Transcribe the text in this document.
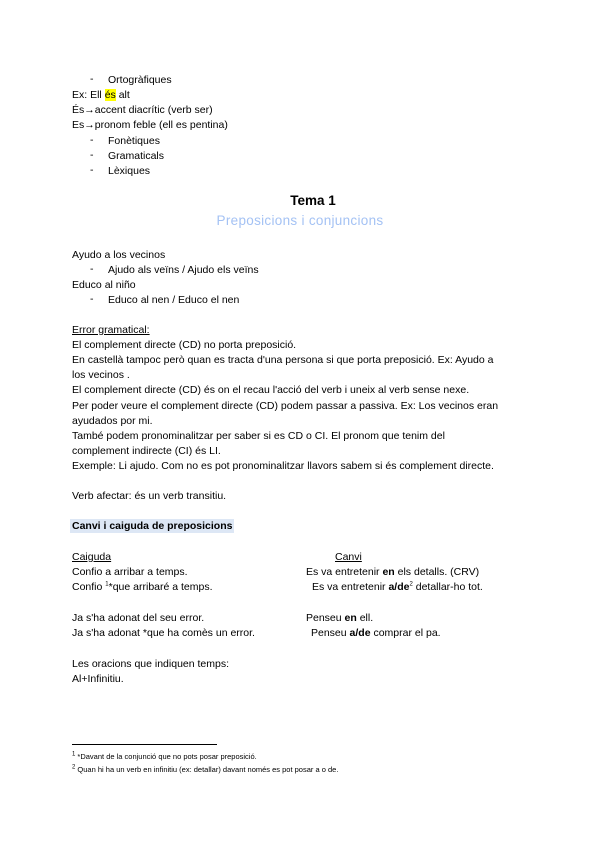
- Ortogràfiques
Ex: Ell és alt
És→accent diacrític (verb ser)
Es→pronom feble (ell es pentina)
- Fonètiques
- Gramaticals
- Lèxiques
Tema 1
Preposicions i conjuncions
Ayudo a los vecinos
- Ajudo als veïns / Ajudo els veïns
Educo al niño
- Educo al nen / Educo el nen
Error gramatical:
El complement directe (CD) no porta preposició.
En castellà tampoc però quan es tracta d'una persona si que porta preposició. Ex: Ayudo a
los vecinos .
El complement directe (CD) és on el recau l'acció del verb i uneix al verb sense nexe.
Per poder veure el complement directe (CD) podem passar a passiva. Ex: Los vecinos eran
ayudados por mi.
També podem pronominalitzar per saber si es CD o CI. El pronom que tenim del
complement indirecte (CI) és LI.
Exemple: Li ajudo. Com no es pot pronominalitzar llavors sabem si és complement directe.
Verb afectar: és un verb transitiu.
Canvi i caiguda de preposicions
Caiguda	Canvi
Confio a arribar a temps.	Es va entretenir en els detalls. (CRV)
Confio $^1$*que arribaré a temps.	Es va entretenir $a/de^2$ detallar-ho tot.
Ja s'ha adonat del seu error.	Penseu en ell.
Ja s'ha adonat *que ha comès un error.	Penseu a/de comprar el pa.
Les oracions que indiquen temps:
Al+Infinitiu.
$^1$ *Davant de la conjunció que no pots posar preposició.
$^2$ Quan hi ha un verb en infinitiu (ex: detallar) davant només es pot posar a o de.
